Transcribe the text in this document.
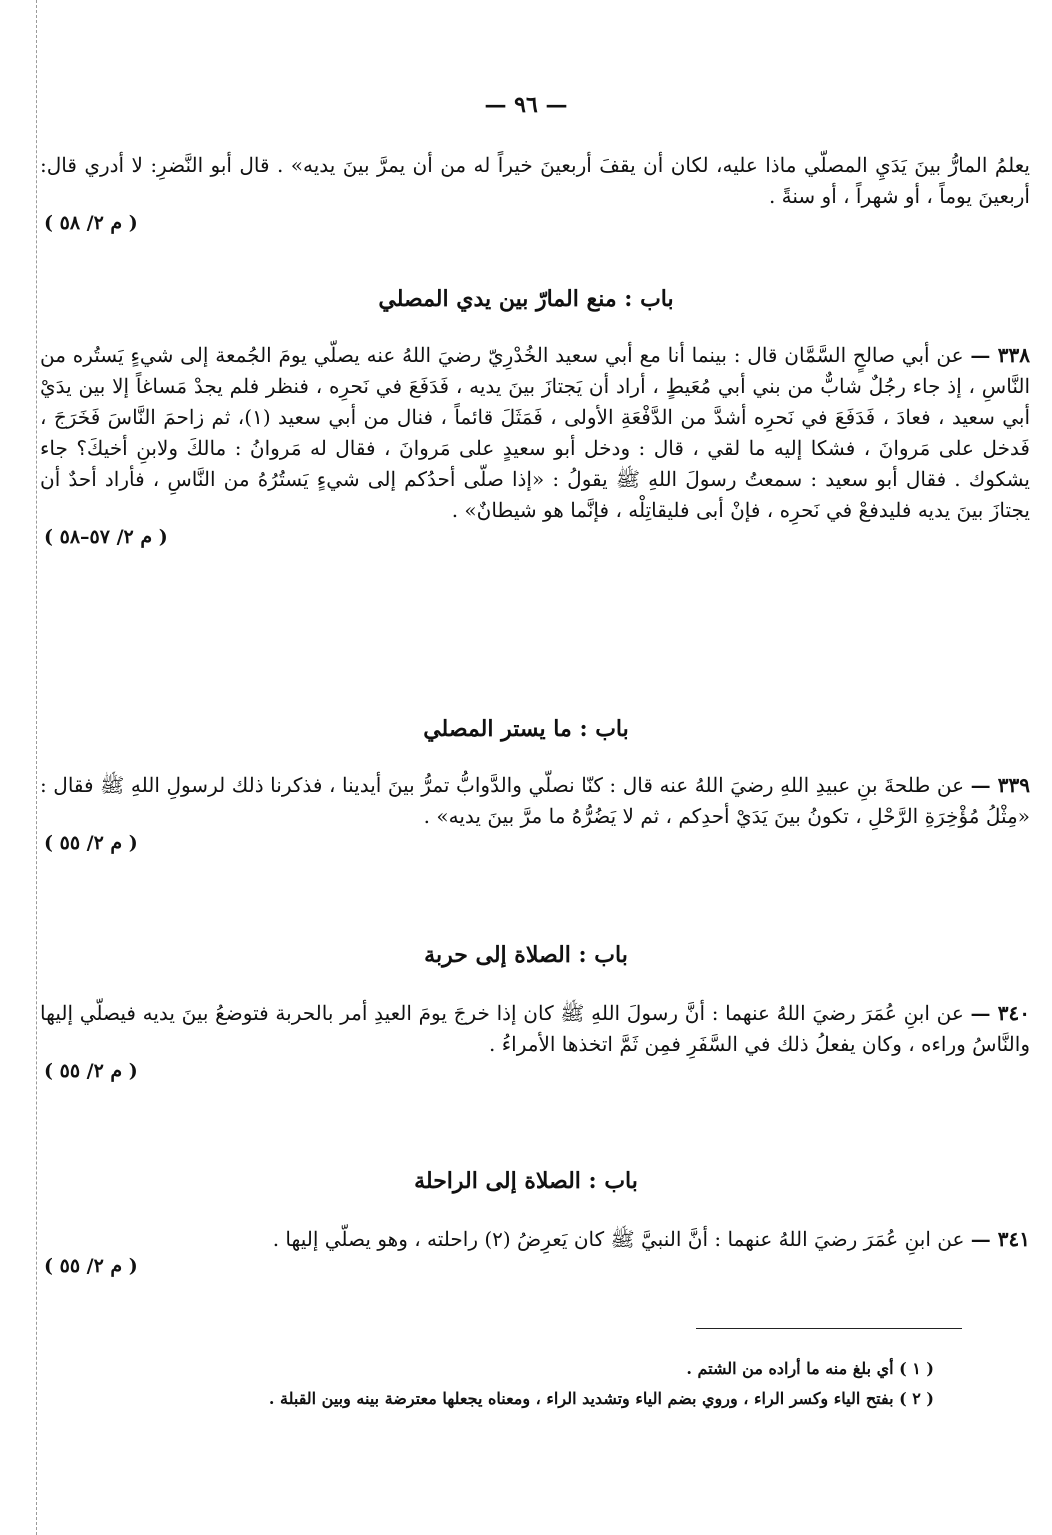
— ٩٦ —

يعلمُ المارُّ بينَ يَدَيِ المصلّي ماذا عليه، لكان أن يقفَ أربعينَ خيراً له من أن يمرَّ بينَ يديه» . قال أبو النَّضرِ: لا أدري قال: أربعينَ يوماً ، أو شهراً ، أو سنةً .

( م ٢/ ٥٨ )
باب : منع المارّ بين يدي المصلي

٣٣٨ — عن أبي صالحٍ السَّمَّان قال : بينما أنا مع أبي سعيد الخُدْرِيّ رضيَ اللهُ عنه يصلّي يومَ الجُمعة إلى شيءٍ يَستُره من النَّاسِ ، إذ جاء رجُلٌ شابٌّ من بني أبي مُعَيطٍ ، أراد أن يَجتازَ بينَ يديه ، فَدَفَعَ في نَحرِه ، فنظر فلم يجدْ مَساغاً إلا بين يدَيْ أبي سعيد ، فعادَ ، فَدَفَعَ في نَحرِه أشدَّ من الدَّفْعَةِ الأولى ، فَمَثَلَ قائماً ، فنال من أبي سعيد (١)، ثم زاحمَ النَّاسَ فَخَرَجَ ، فَدخل على مَروانَ ، فشكا إليه ما لقي ، قال : ودخل أبو سعيدٍ على مَروانَ ، فقال له مَروانُ : مالكَ ولابنِ أخيكَ؟ جاء يشكوك . فقال أبو سعيد : سمعتُ رسولَ اللهِ ﷺ يقولُ : «إذا صلّى أحدُكم إلى شيءٍ يَستُرُهُ من النَّاسِ ، فأراد أحدٌ أن يجتازَ بينَ يديه فليدفعْ في نَحرِه ، فإنْ أبى فليقاتِلْه ، فإنَّما هو شيطانٌ» .

( م ٢/ ٥٧–٥٨ )
باب : ما يستر المصلي

٣٣٩ — عن طلحةَ بنِ عبيدِ اللهِ رضيَ اللهُ عنه قال : كنّا نصلّي والدَّوابُّ تمرُّ بينَ أيدينا ، فذكرنا ذلك لرسولِ اللهِ ﷺ فقال : «مِثْلُ مُؤْخِرَةِ الرَّحْلِ ، تكونُ بينَ يَدَيْ أحدِكم ، ثم لا يَضُرُّهُ ما مرَّ بينَ يديه» .

( م ٢/ ٥٥ )
باب : الصلاة إلى حربة

٣٤٠ — عن ابنِ عُمَرَ رضيَ اللهُ عنهما : أنَّ رسولَ اللهِ ﷺ كان إذا خرجَ يومَ العيدِ أمر بالحربة فتوضعُ بينَ يديه فيصلّي إليها والنَّاسُ وراءه ، وكان يفعلُ ذلك في السَّفَرِ فمِن ثَمَّ اتخذها الأمراءُ .

( م ٢/ ٥٥ )
باب : الصلاة إلى الراحلة

٣٤١ — عن ابنِ عُمَرَ رضيَ اللهُ عنهما : أنَّ النبيَّ ﷺ كان يَعرِضُ (٢) راحلته ، وهو يصلّي إليها .

( م ٢/ ٥٥ )
( ١ ) أي بلغ منه ما أراده من الشتم .
( ٢ ) بفتح الياء وكسر الراء ، وروي بضم الياء وتشديد الراء ، ومعناه يجعلها معترضة بينه وبين القبلة .
